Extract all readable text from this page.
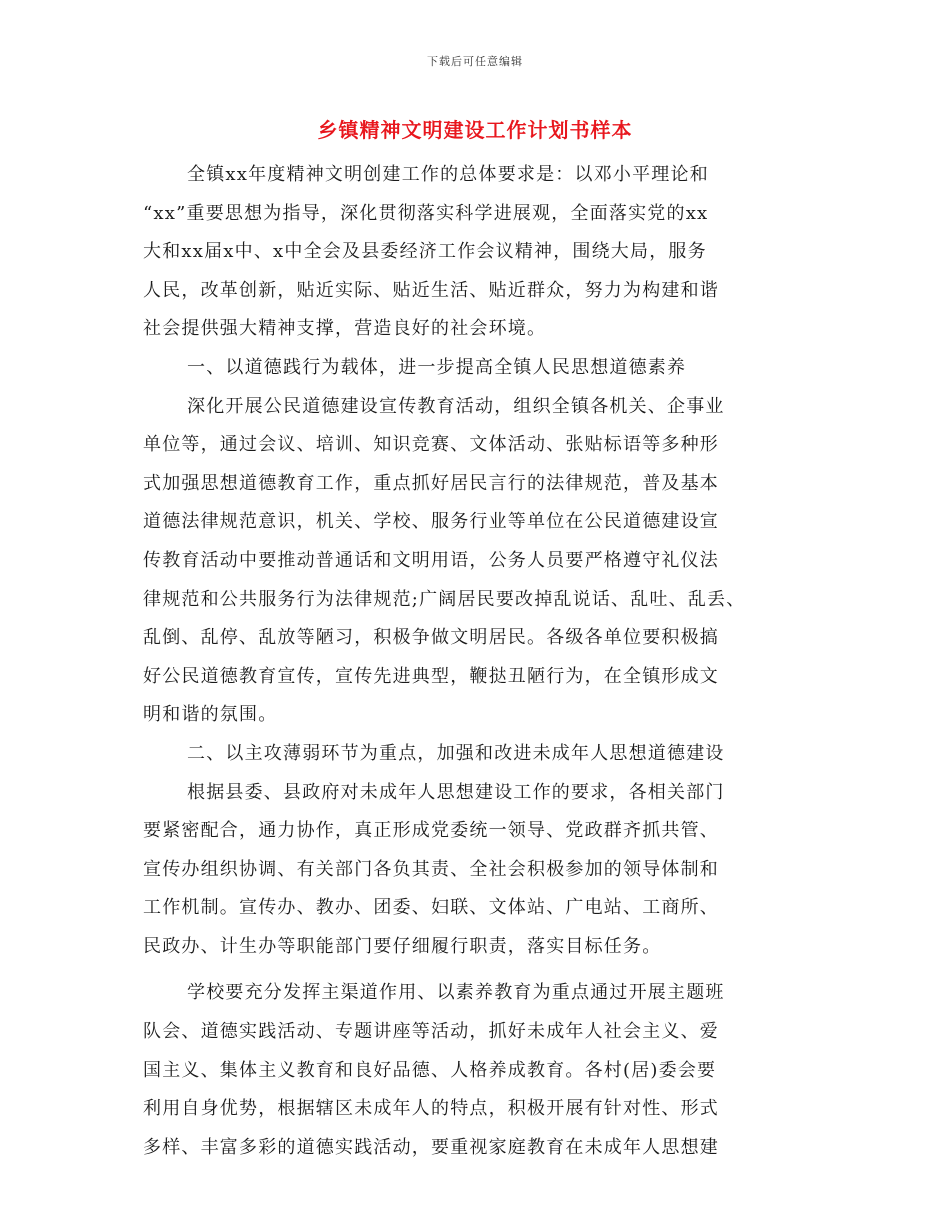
下载后可任意编辑
乡镇精神文明建设工作计划书样本
全镇xx年度精神文明创建工作的总体要求是：以邓小平理论和
“xx”重要思想为指导，深化贯彻落实科学进展观，全面落实党的xx
大和xx届x中、x中全会及县委经济工作会议精神，围绕大局，服务
人民，改革创新，贴近实际、贴近生活、贴近群众，努力为构建和谐
社会提供强大精神支撑，营造良好的社会环境。
一、以道德践行为载体，进一步提高全镇人民思想道德素养
深化开展公民道德建设宣传教育活动，组织全镇各机关、企事业
单位等，通过会议、培训、知识竞赛、文体活动、张贴标语等多种形
式加强思想道德教育工作，重点抓好居民言行的法律规范，普及基本
道德法律规范意识，机关、学校、服务行业等单位在公民道德建设宣
传教育活动中要推动普通话和文明用语，公务人员要严格遵守礼仪法
律规范和公共服务行为法律规范;广阔居民要改掉乱说话、乱吐、乱丢、
乱倒、乱停、乱放等陋习，积极争做文明居民。各级各单位要积极搞
好公民道德教育宣传，宣传先进典型，鞭挞丑陋行为，在全镇形成文
明和谐的氛围。
二、以主攻薄弱环节为重点，加强和改进未成年人思想道德建设
根据县委、县政府对未成年人思想建设工作的要求，各相关部门
要紧密配合，通力协作，真正形成党委统一领导、党政群齐抓共管、
宣传办组织协调、有关部门各负其责、全社会积极参加的领导体制和
工作机制。宣传办、教办、团委、妇联、文体站、广电站、工商所、
民政办、计生办等职能部门要仔细履行职责，落实目标任务。
学校要充分发挥主渠道作用、以素养教育为重点通过开展主题班
队会、道德实践活动、专题讲座等活动，抓好未成年人社会主义、爱
国主义、集体主义教育和良好品德、人格养成教育。各村(居)委会要
利用自身优势，根据辖区未成年人的特点，积极开展有针对性、形式
多样、丰富多彩的道德实践活动，要重视家庭教育在未成年人思想建
